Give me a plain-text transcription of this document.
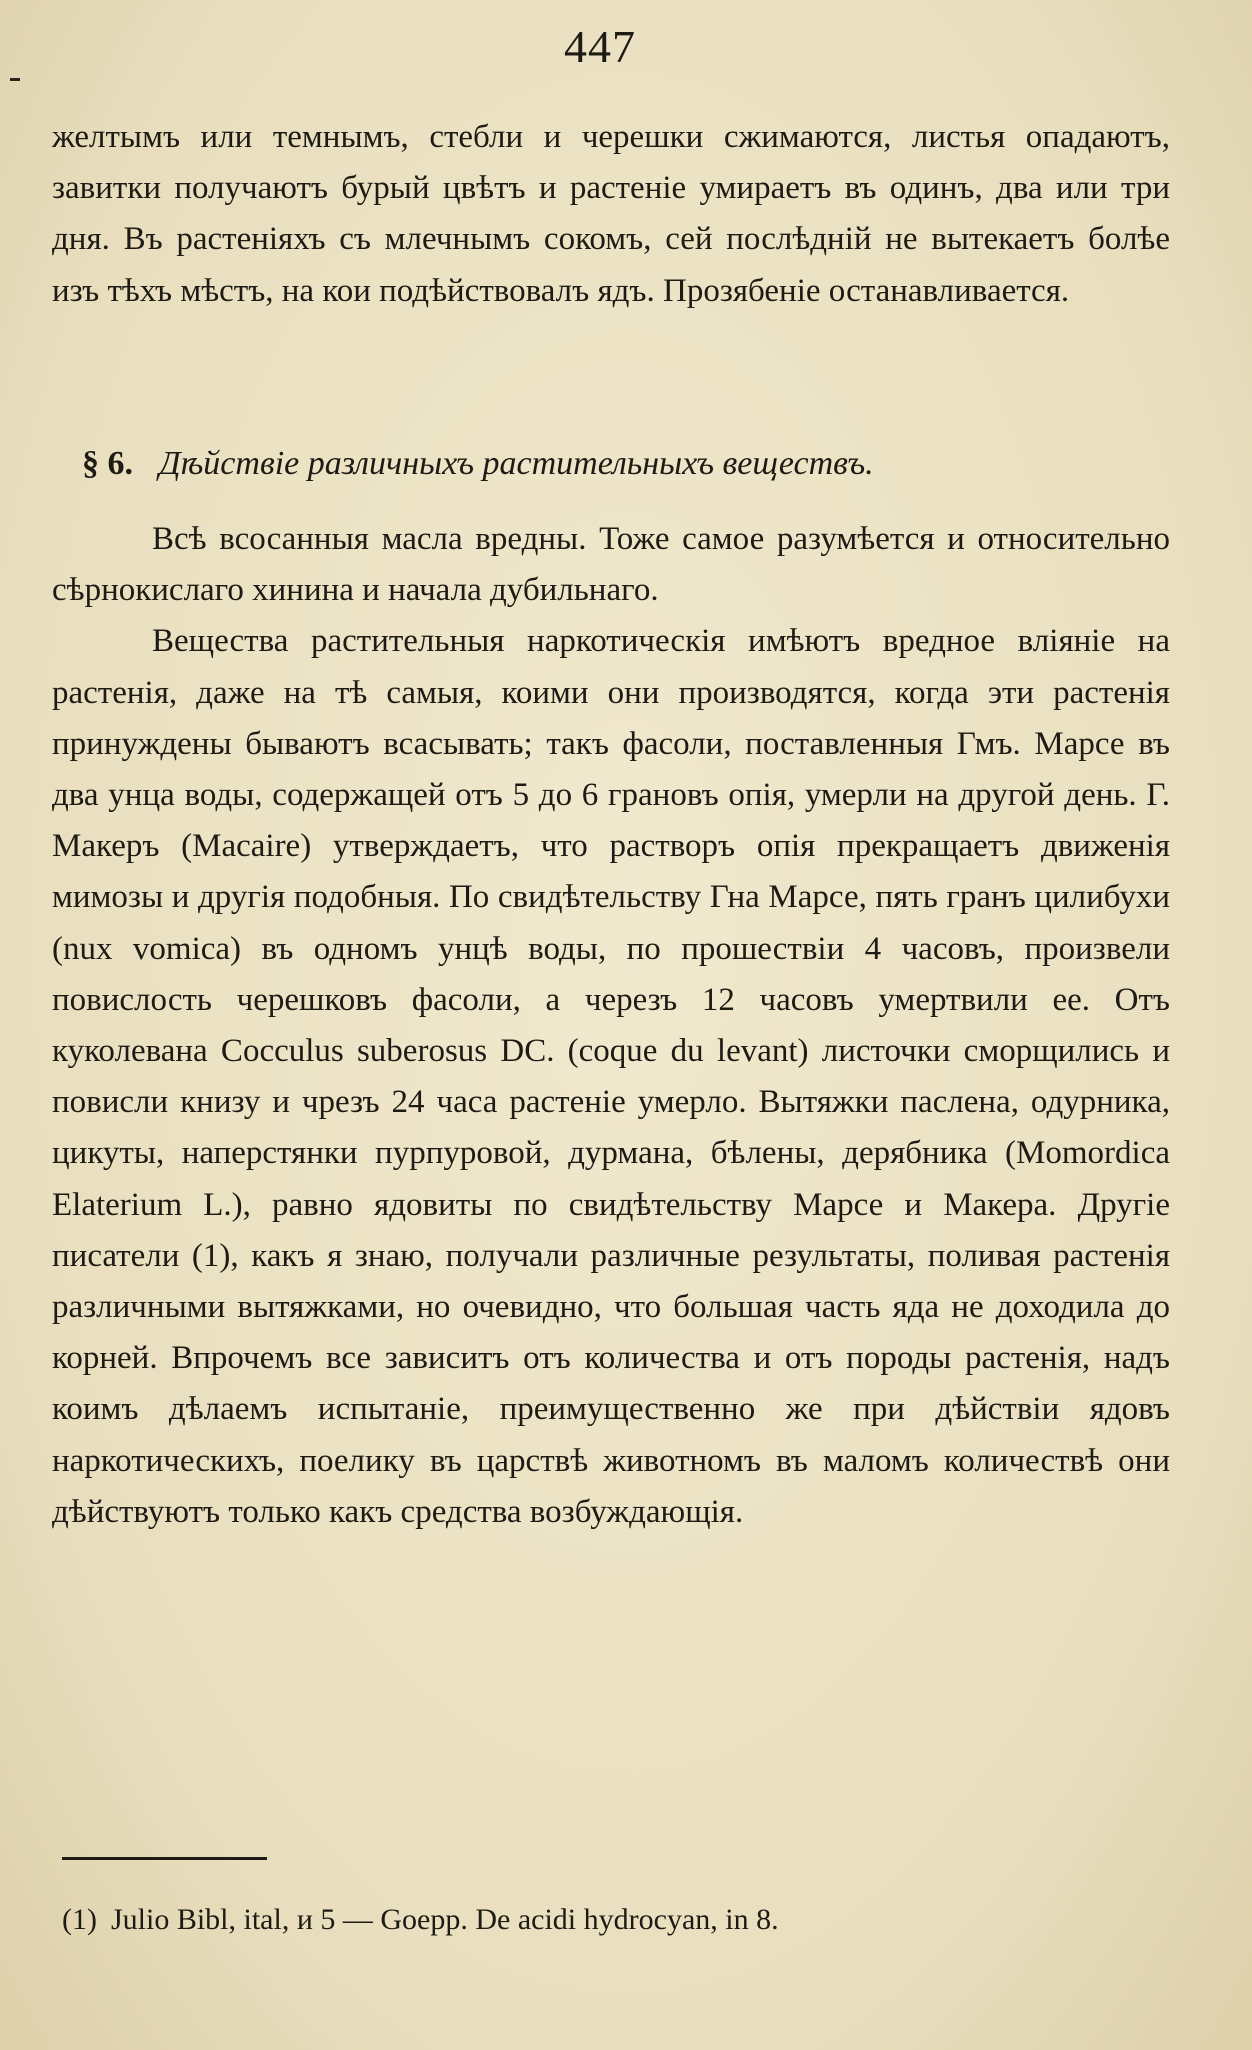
447

желтымъ или темнымъ, стебли и черешки сжимаются, листья опадаютъ, завитки получаютъ бурый цвѣтъ и растеніе умираетъ въ одинъ, два или три дня. Въ растеніяхъ съ млечнымъ сокомъ, сей послѣдній не вытекаетъ болѣе изъ тѣхъ мѣстъ, на кои подѣйствовалъ ядъ. Прозябеніе останавливается.

§ 6. Дѣйствіе различныхъ растительныхъ веществъ.

Всѣ всосанныя масла вредны. Тоже самое разумѣется и относительно сѣрнокислаго хинина и начала дубильнаго.

Вещества растительныя наркотическія имѣютъ вредное вліяніе на растенія, даже на тѣ самыя, коими они производятся, когда эти растенія принуждены бываютъ всасывать; такъ фасоли, поставленныя Гмъ. Марсе въ два унца воды, содержащей отъ 5 до 6 грановъ опія, умерли на другой день. Г. Макеръ (Macaire) утверждаетъ, что растворъ опія прекращаетъ движенія мимозы и другія подобныя. По свидѣтельству Гна Марсе, пять гранъ цилибухи (nux vomica) въ одномъ унцѣ воды, по прошествіи 4 часовъ, произвели повислость черешковъ фасоли, а черезъ 12 часовъ умертвили ее. Отъ куколевана Cocculus suberosus DC. (coque du levant) листочки сморщились и повисли книзу и чрезъ 24 часа растеніе умерло. Вытяжки паслена, одурника, цикуты, наперстянки пурпуровой, дурмана, бѣлены, дерябника (Momordica Elaterium L.), равно ядовиты по свидѣтельству Марсе и Макера. Другіе писатели (1), какъ я знаю, получали различные результаты, поливая растенія различными вытяжками, но очевидно, что большая часть яда не доходила до корней. Впрочемъ все зависитъ отъ количества и отъ породы растенія, надъ коимъ дѣлаемъ испытаніе, преимущественно же при дѣйствіи ядовъ наркотическихъ, поелику въ царствѣ животномъ въ маломъ количествѣ они дѣйствуютъ только какъ средства возбуждающія.

(1) Julio Bibl, ital, и 5 — Goepp. De acidi hydrocyan, in 8.
